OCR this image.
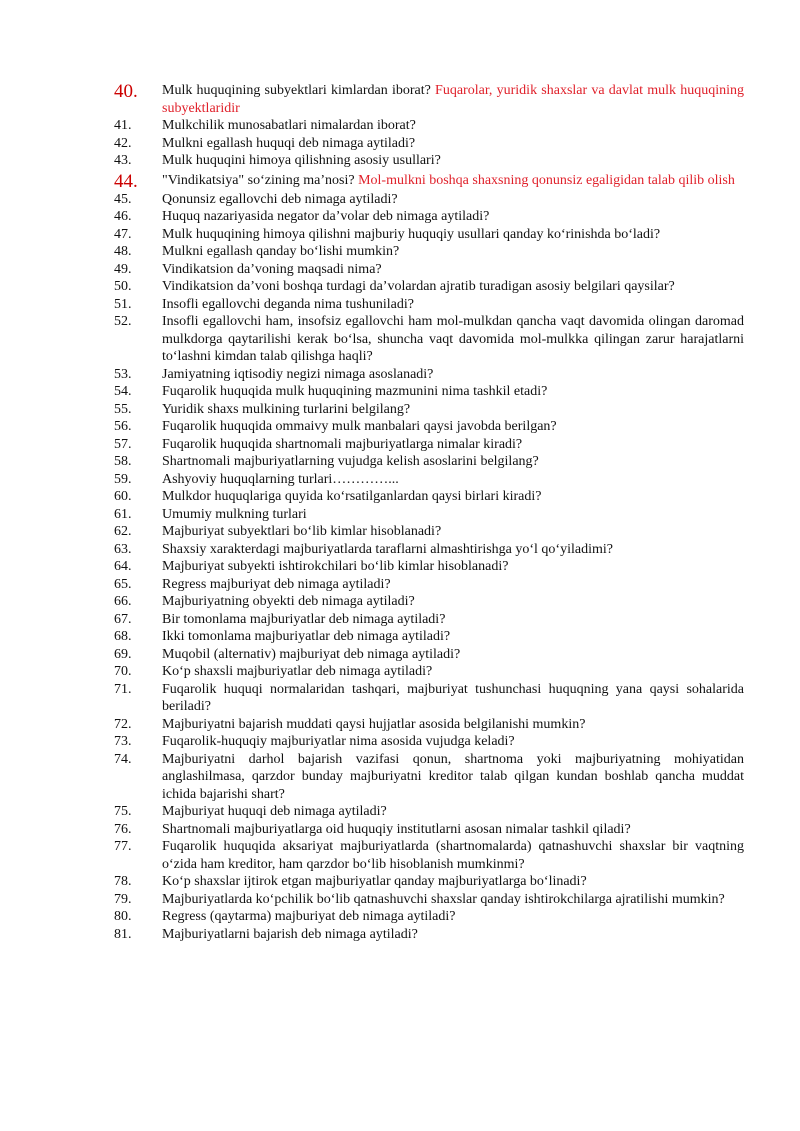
40.	Mulk huquqining subyektlari kimlardan iborat? Fuqarolar, yuridik shaxslar va davlat mulk huquqining subyektlaridir
41.	Mulkchilik munosabatlari nimalardan iborat?
42.	Mulkni egallash huquqi deb nimaga aytiladi?
43.	Mulk huquqini himoya qilishning asosiy usullari?
44.	"Vindikatsiya" so‘zining ma’nosi? Mol-mulkni boshqa shaxsning qonunsiz egaligidan talab qilib olish
45.	Qonunsiz egallovchi deb nimaga aytiladi?
46.	Huquq nazariyasida negator da’volar deb nimaga aytiladi?
47.	Mulk huquqining himoya qilishni majburiy huquqiy usullari qanday ko‘rinishda bo‘ladi?
48.	Mulkni egallash qanday bo‘lishi mumkin?
49.	Vindikatsion da’voning maqsadi nima?
50.	Vindikatsion da’voni boshqa turdagi da’volardan ajratib turadigan asosiy belgilari qaysilar?
51.	Insofli egallovchi deganda nima tushuniladi?
52.	Insofli egallovchi ham, insofsiz egallovchi ham mol-mulkdan qancha vaqt davomida olingan daromad mulkdorga qaytarilishi kerak bo‘lsa, shuncha vaqt davomida mol-mulkka qilingan zarur harajatlarni to‘lashni kimdan talab qilishga haqli?
53.	Jamiyatning iqtisodiy negizi nimaga asoslanadi?
54.	Fuqarolik huquqida mulk huquqining mazmunini nima tashkil etadi?
55.	Yuridik shaxs mulkining turlarini belgilang?
56.	Fuqarolik huquqida ommaivy mulk manbalari qaysi javobda berilgan?
57.	Fuqarolik huquqida shartnomali majburiyatlarga nimalar kiradi?
58.	Shartnomali majburiyatlarning vujudga kelish asoslarini belgilang?
59.	Ashyoviy huquqlarning turlari…………...
60.	Mulkdor huquqlariga quyida ko‘rsatilganlardan qaysi birlari kiradi?
61.	Umumiy mulkning turlari
62.	Majburiyat subyektlari bo‘lib kimlar hisoblanadi?
63.	Shaxsiy xarakterdagi majburiyatlarda taraflarni almashtirishga yo‘l qo‘yiladimi?
64.	Majburiyat subyekti ishtirokchilari bo‘lib kimlar hisoblanadi?
65.	Regress majburiyat deb nimaga aytiladi?
66.	Majburiyatning obyekti deb nimaga aytiladi?
67.	Bir tomonlama majburiyatlar deb nimaga aytiladi?
68.	Ikki tomonlama majburiyatlar deb nimaga aytiladi?
69.	Muqobil (alternativ) majburiyat deb nimaga aytiladi?
70.	Ko‘p shaxsli majburiyatlar deb nimaga aytiladi?
71.	Fuqarolik huquqi normalaridan tashqari, majburiyat tushunchasi huquqning yana qaysi sohalarida beriladi?
72.	Majburiyatni bajarish muddati qaysi hujjatlar asosida belgilanishi mumkin?
73.	Fuqarolik-huquqiy majburiyatlar nima asosida vujudga keladi?
74.	Majburiyatni darhol bajarish vazifasi qonun, shartnoma yoki majburiyatning mohiyatidan anglashilmasa, qarzdor bunday majburiyatni kreditor talab qilgan kundan boshlab qancha muddat ichida bajarishi shart?
75.	Majburiyat huquqi deb nimaga aytiladi?
76.	Shartnomali majburiyatlarga oid huquqiy institutlarni asosan nimalar tashkil qiladi?
77.	Fuqarolik huquqida aksariyat majburiyatlarda (shartnomalarda) qatnashuvchi shaxslar bir vaqtning o‘zida ham kreditor, ham qarzdor bo‘lib hisoblanish mumkinmi?
78.	Ko‘p shaxslar ijtirok etgan majburiyatlar qanday majburiyatlarga bo‘linadi?
79.	Majburiyatlarda ko‘pchilik bo‘lib qatnashuvchi shaxslar qanday ishtirokchilarga ajratilishi mumkin?
80.	Regress (qaytarma) majburiyat deb nimaga aytiladi?
81.	Majburiyatlarni bajarish deb nimaga aytiladi?
